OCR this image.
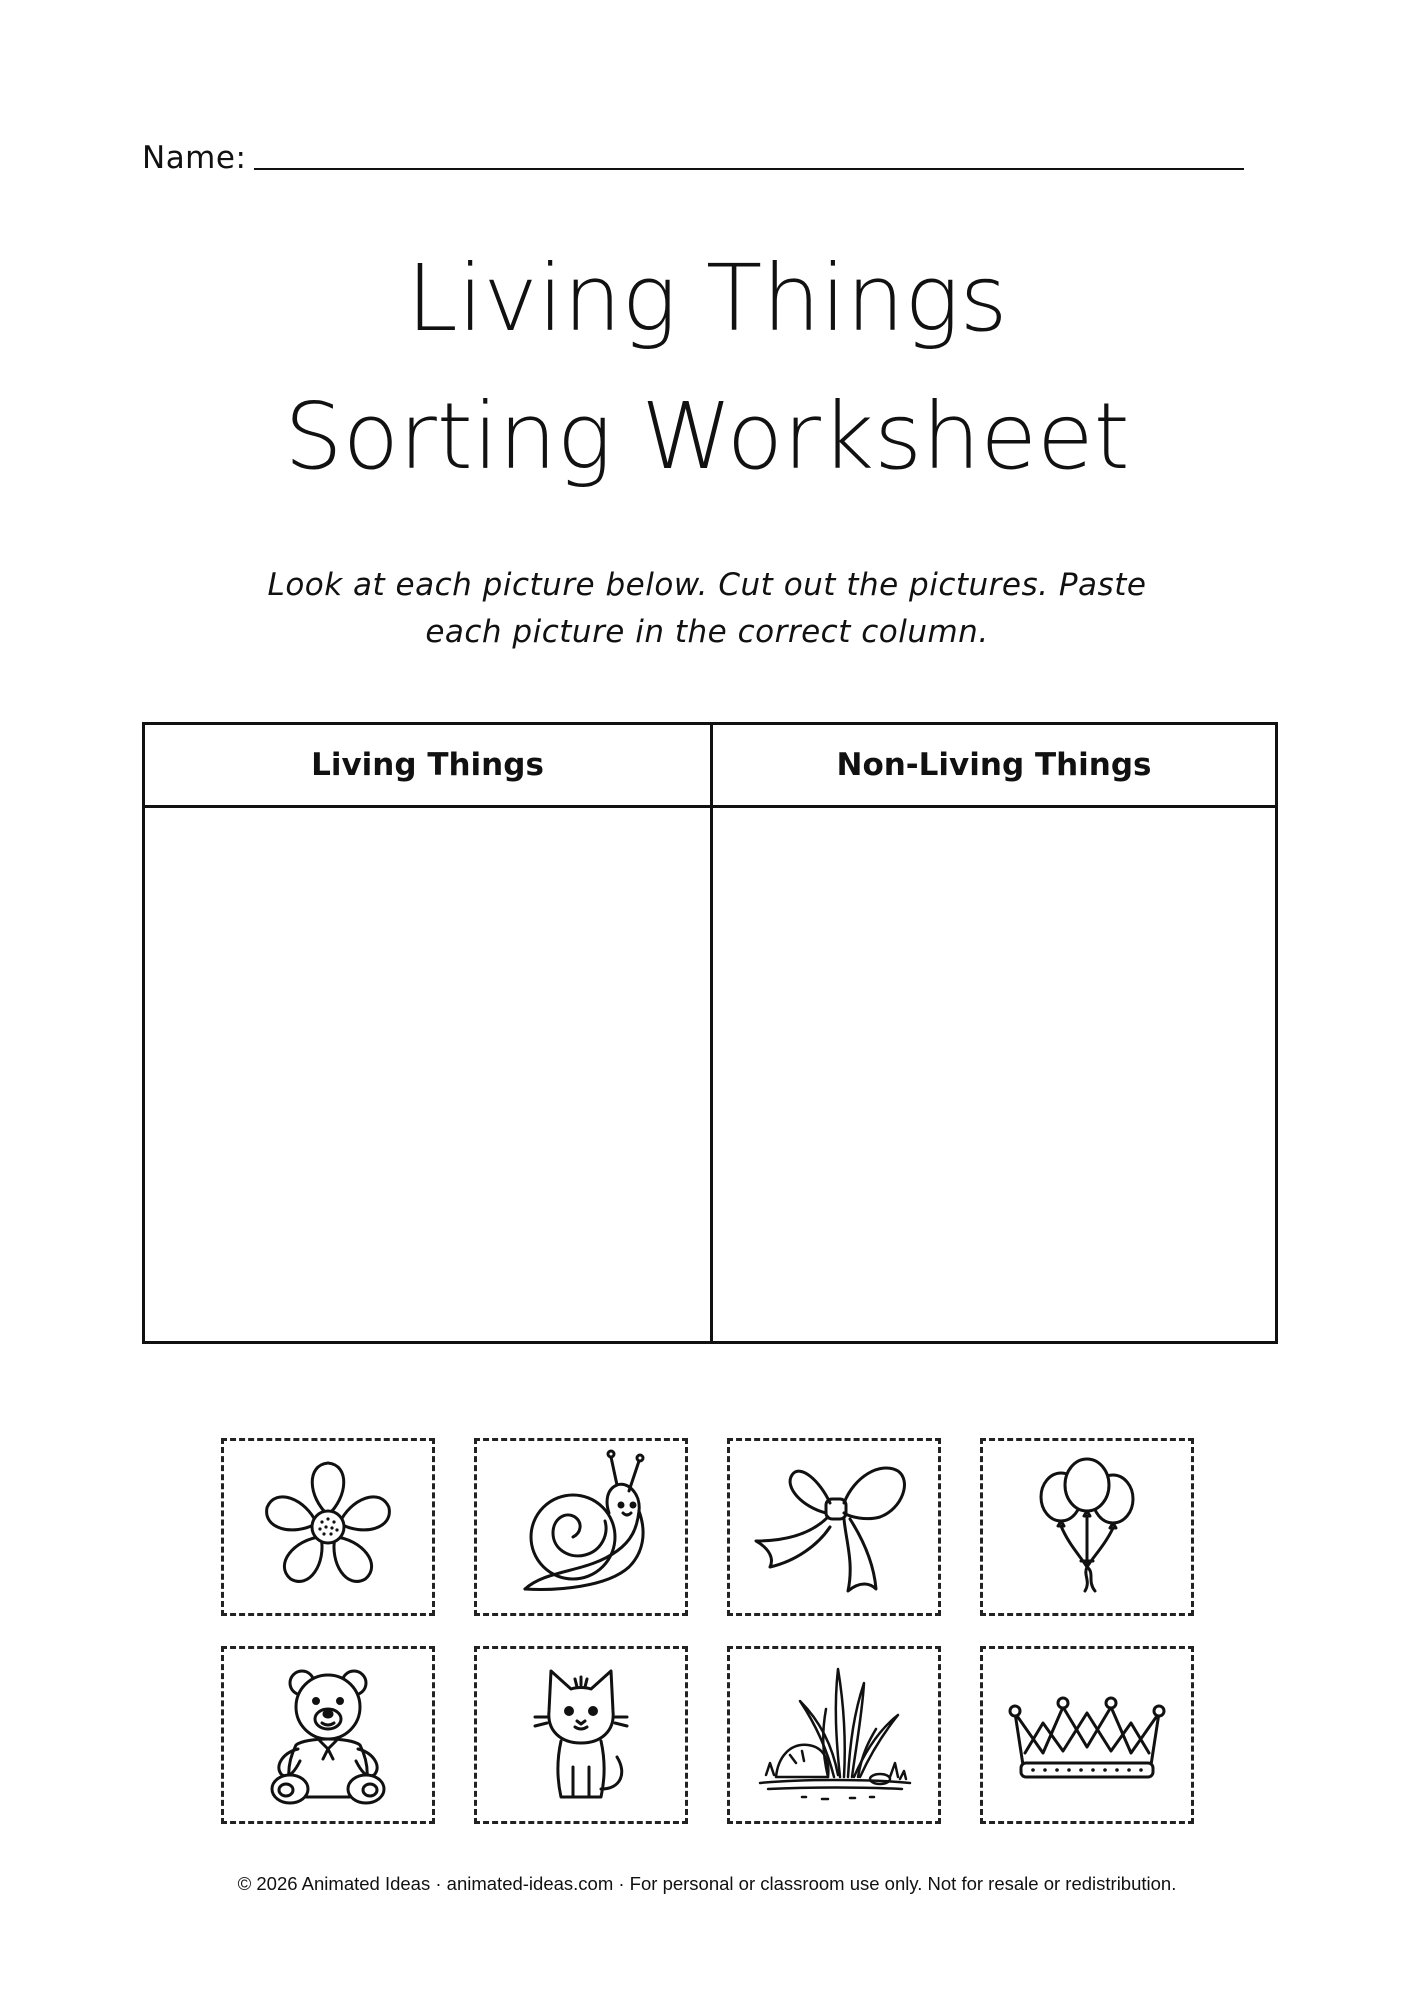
Name:
Living Things
Sorting Worksheet
Look at each picture below. Cut out the pictures. Paste
each picture in the correct column.
Living Things	Non-Living Things
© 2026 Animated Ideas · animated-ideas.com · For personal or classroom use only. Not for resale or redistribution.
